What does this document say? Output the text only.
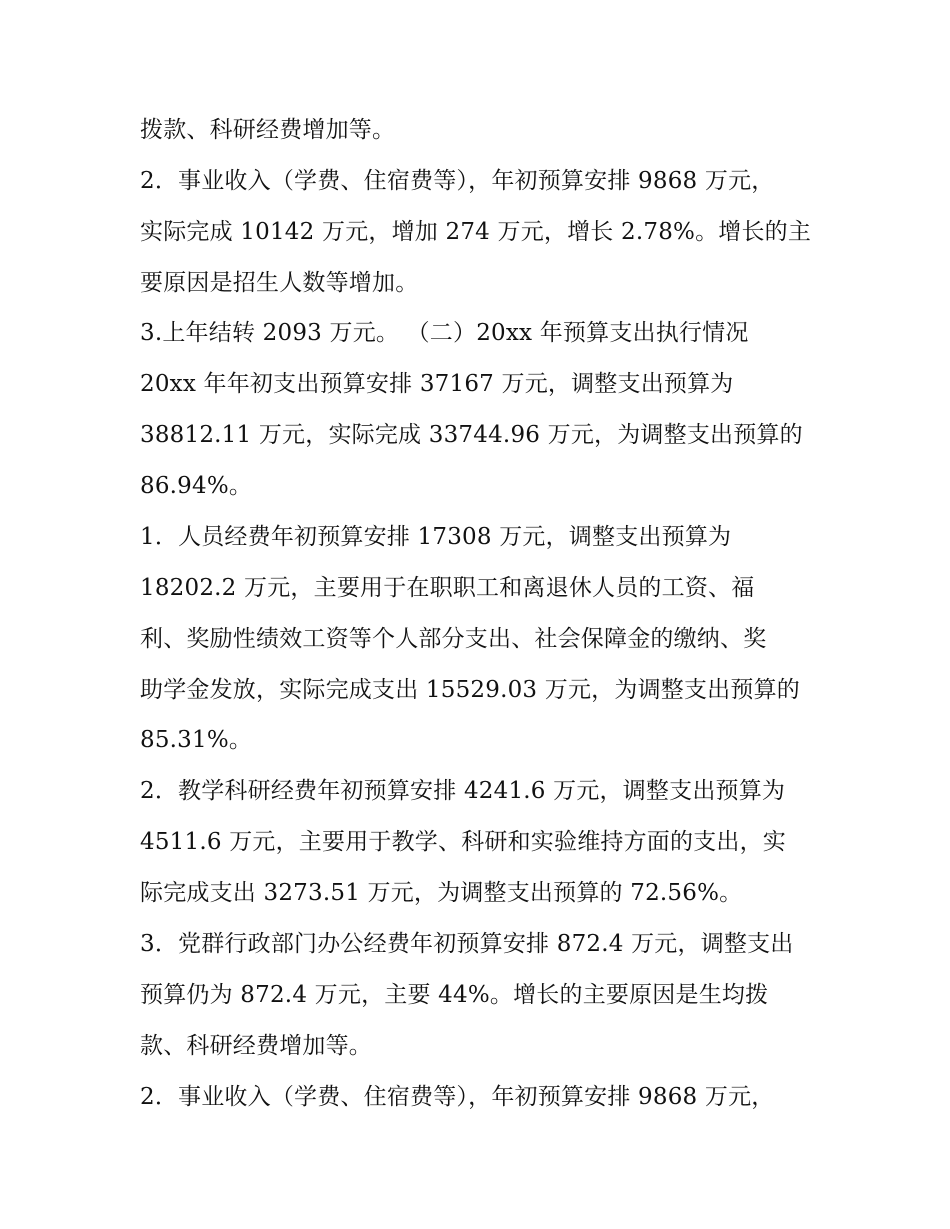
拨款、科研经费增加等。
2．事业收入（学费、住宿费等），年初预算安排 9868 万元，
实际完成 10142 万元，增加 274 万元，增长 2.78%。增长的主
要原因是招生人数等增加。
3.上年结转 2093 万元。 （二）20xx 年预算支出执行情况
20xx 年年初支出预算安排 37167 万元，调整支出预算为
38812.11 万元，实际完成 33744.96 万元，为调整支出预算的
86.94%。
1．人员经费年初预算安排 17308 万元，调整支出预算为
18202.2 万元，主要用于在职职工和离退休人员的工资、福
利、奖励性绩效工资等个人部分支出、社会保障金的缴纳、奖
助学金发放，实际完成支出 15529.03 万元，为调整支出预算的
85.31%。
2．教学科研经费年初预算安排 4241.6 万元，调整支出预算为
4511.6 万元，主要用于教学、科研和实验维持方面的支出，实
际完成支出 3273.51 万元，为调整支出预算的 72.56%。
3．党群行政部门办公经费年初预算安排 872.4 万元，调整支出
预算仍为 872.4 万元，主要 44%。增长的主要原因是生均拨
款、科研经费增加等。
2．事业收入（学费、住宿费等），年初预算安排 9868 万元，
